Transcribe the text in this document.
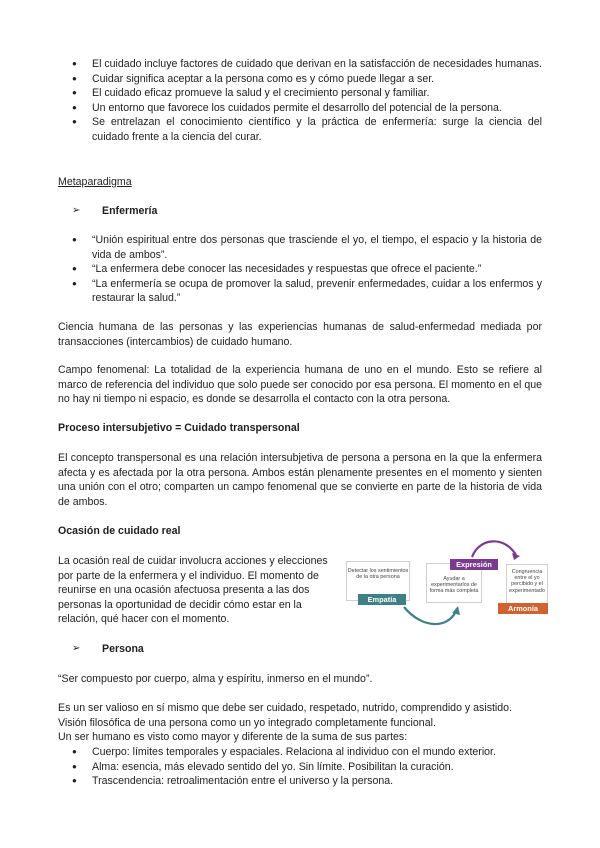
● El cuidado incluye factores de cuidado que derivan en la satisfacción de necesidades humanas.
● Cuidar significa aceptar a la persona como es y cómo puede llegar a ser.
● El cuidado eficaz promueve la salud y el crecimiento personal y familiar.
● Un entorno que favorece los cuidados permite el desarrollo del potencial de la persona.
● Se entrelazan el conocimiento científico y la práctica de enfermería: surge la ciencia del cuidado frente a la ciencia del curar.
Metaparadigma
➢	Enfermería
● “Unión espiritual entre dos personas que trasciende el yo, el tiempo, el espacio y la historia de vida de ambos”.
● “La enfermera debe conocer las necesidades y respuestas que ofrece el paciente.”
● “La enfermería se ocupa de promover la salud, prevenir enfermedades, cuidar a los enfermos y restaurar la salud.”

Ciencia humana de las personas y las experiencias humanas de salud-enfermedad mediada por transacciones (intercambios) de cuidado humano.

Campo fenomenal: La totalidad de la experiencia humana de uno en el mundo. Esto se refiere al marco de referencia del individuo que solo puede ser conocido por esa persona. El momento en el que no hay ni tiempo ni espacio, es donde se desarrolla el contacto con la otra persona.

Proceso intersubjetivo = Cuidado transpersonal

El concepto transpersonal es una relación intersubjetiva de persona a persona en la que la enfermera afecta y es afectada por la otra persona. Ambos están plenamente presentes en el momento y sienten una unión con el otro; comparten un campo fenomenal que se convierte en parte de la historia de vida de ambos.

Ocasión de cuidado real

La ocasión real de cuidar involucra acciones y elecciones por parte de la enfermera y el individuo. El momento de reunirse en una ocasión afectuosa presenta a las dos personas la oportunidad de decidir cómo estar en la relación, qué hacer con el momento.

Detectar los sentimientos de la otra persona
Empatía
Ayudar a experimentarlos de forma más completa
Expresión
Congruencia entre el yo percibido y el experimentado
Armonía
➢	Persona

“Ser compuesto por cuerpo, alma y espíritu, inmerso en el mundo”.

Es un ser valioso en sí mismo que debe ser cuidado, respetado, nutrido, comprendido y asistido.
Visión filosófica de una persona como un yo integrado completamente funcional.
Un ser humano es visto como mayor y diferente de la suma de sus partes:
● Cuerpo: límites temporales y espaciales. Relaciona al individuo con el mundo exterior.
● Alma: esencia, más elevado sentido del yo. Sin límite. Posibilitan la curación.
● Trascendencia: retroalimentación entre el universo y la persona.
